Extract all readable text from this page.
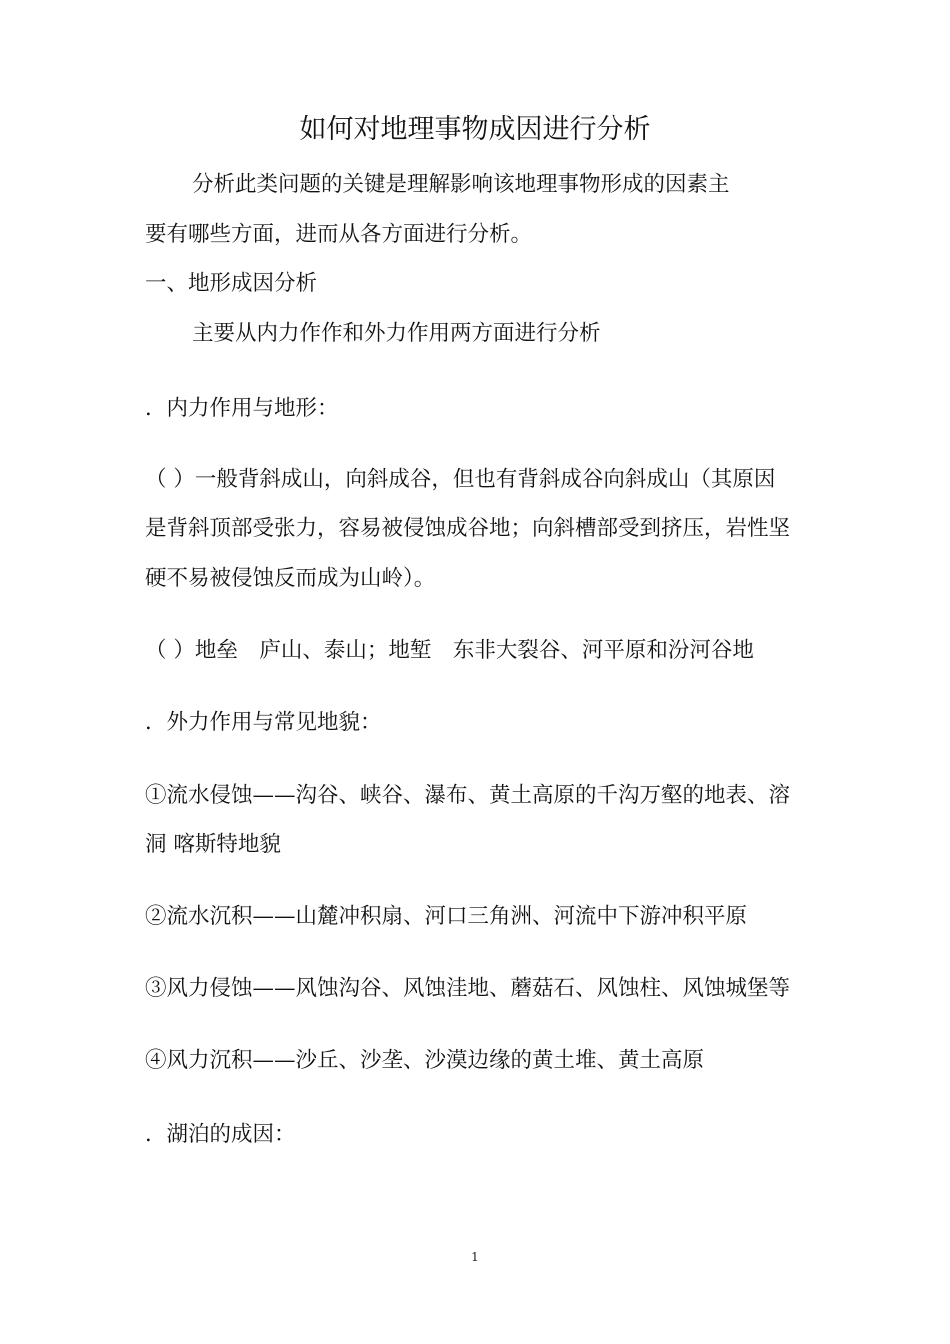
如何对地理事物成因进行分析
分析此类问题的关键是理解影响该地理事物形成的因素主
要有哪些方面，进而从各方面进行分析。
一、地形成因分析
主要从内力作作和外力作用两方面进行分析
．内力作用与地形：
（ ）一般背斜成山，向斜成谷，但也有背斜成谷向斜成山（其原因
是背斜顶部受张力，容易被侵蚀成谷地；向斜槽部受到挤压，岩性坚
硬不易被侵蚀反而成为山岭）。
（ ）地垒　庐山、泰山；地堑　东非大裂谷、河平原和汾河谷地
．外力作用与常见地貌：
①流水侵蚀——沟谷、峡谷、瀑布、黄土高原的千沟万壑的地表、溶
洞 喀斯特地貌
②流水沉积——山麓冲积扇、河口三角洲、河流中下游冲积平原
③风力侵蚀——风蚀沟谷、风蚀洼地、蘑菇石、风蚀柱、风蚀城堡等
④风力沉积——沙丘、沙垄、沙漠边缘的黄土堆、黄土高原
．湖泊的成因：
1
